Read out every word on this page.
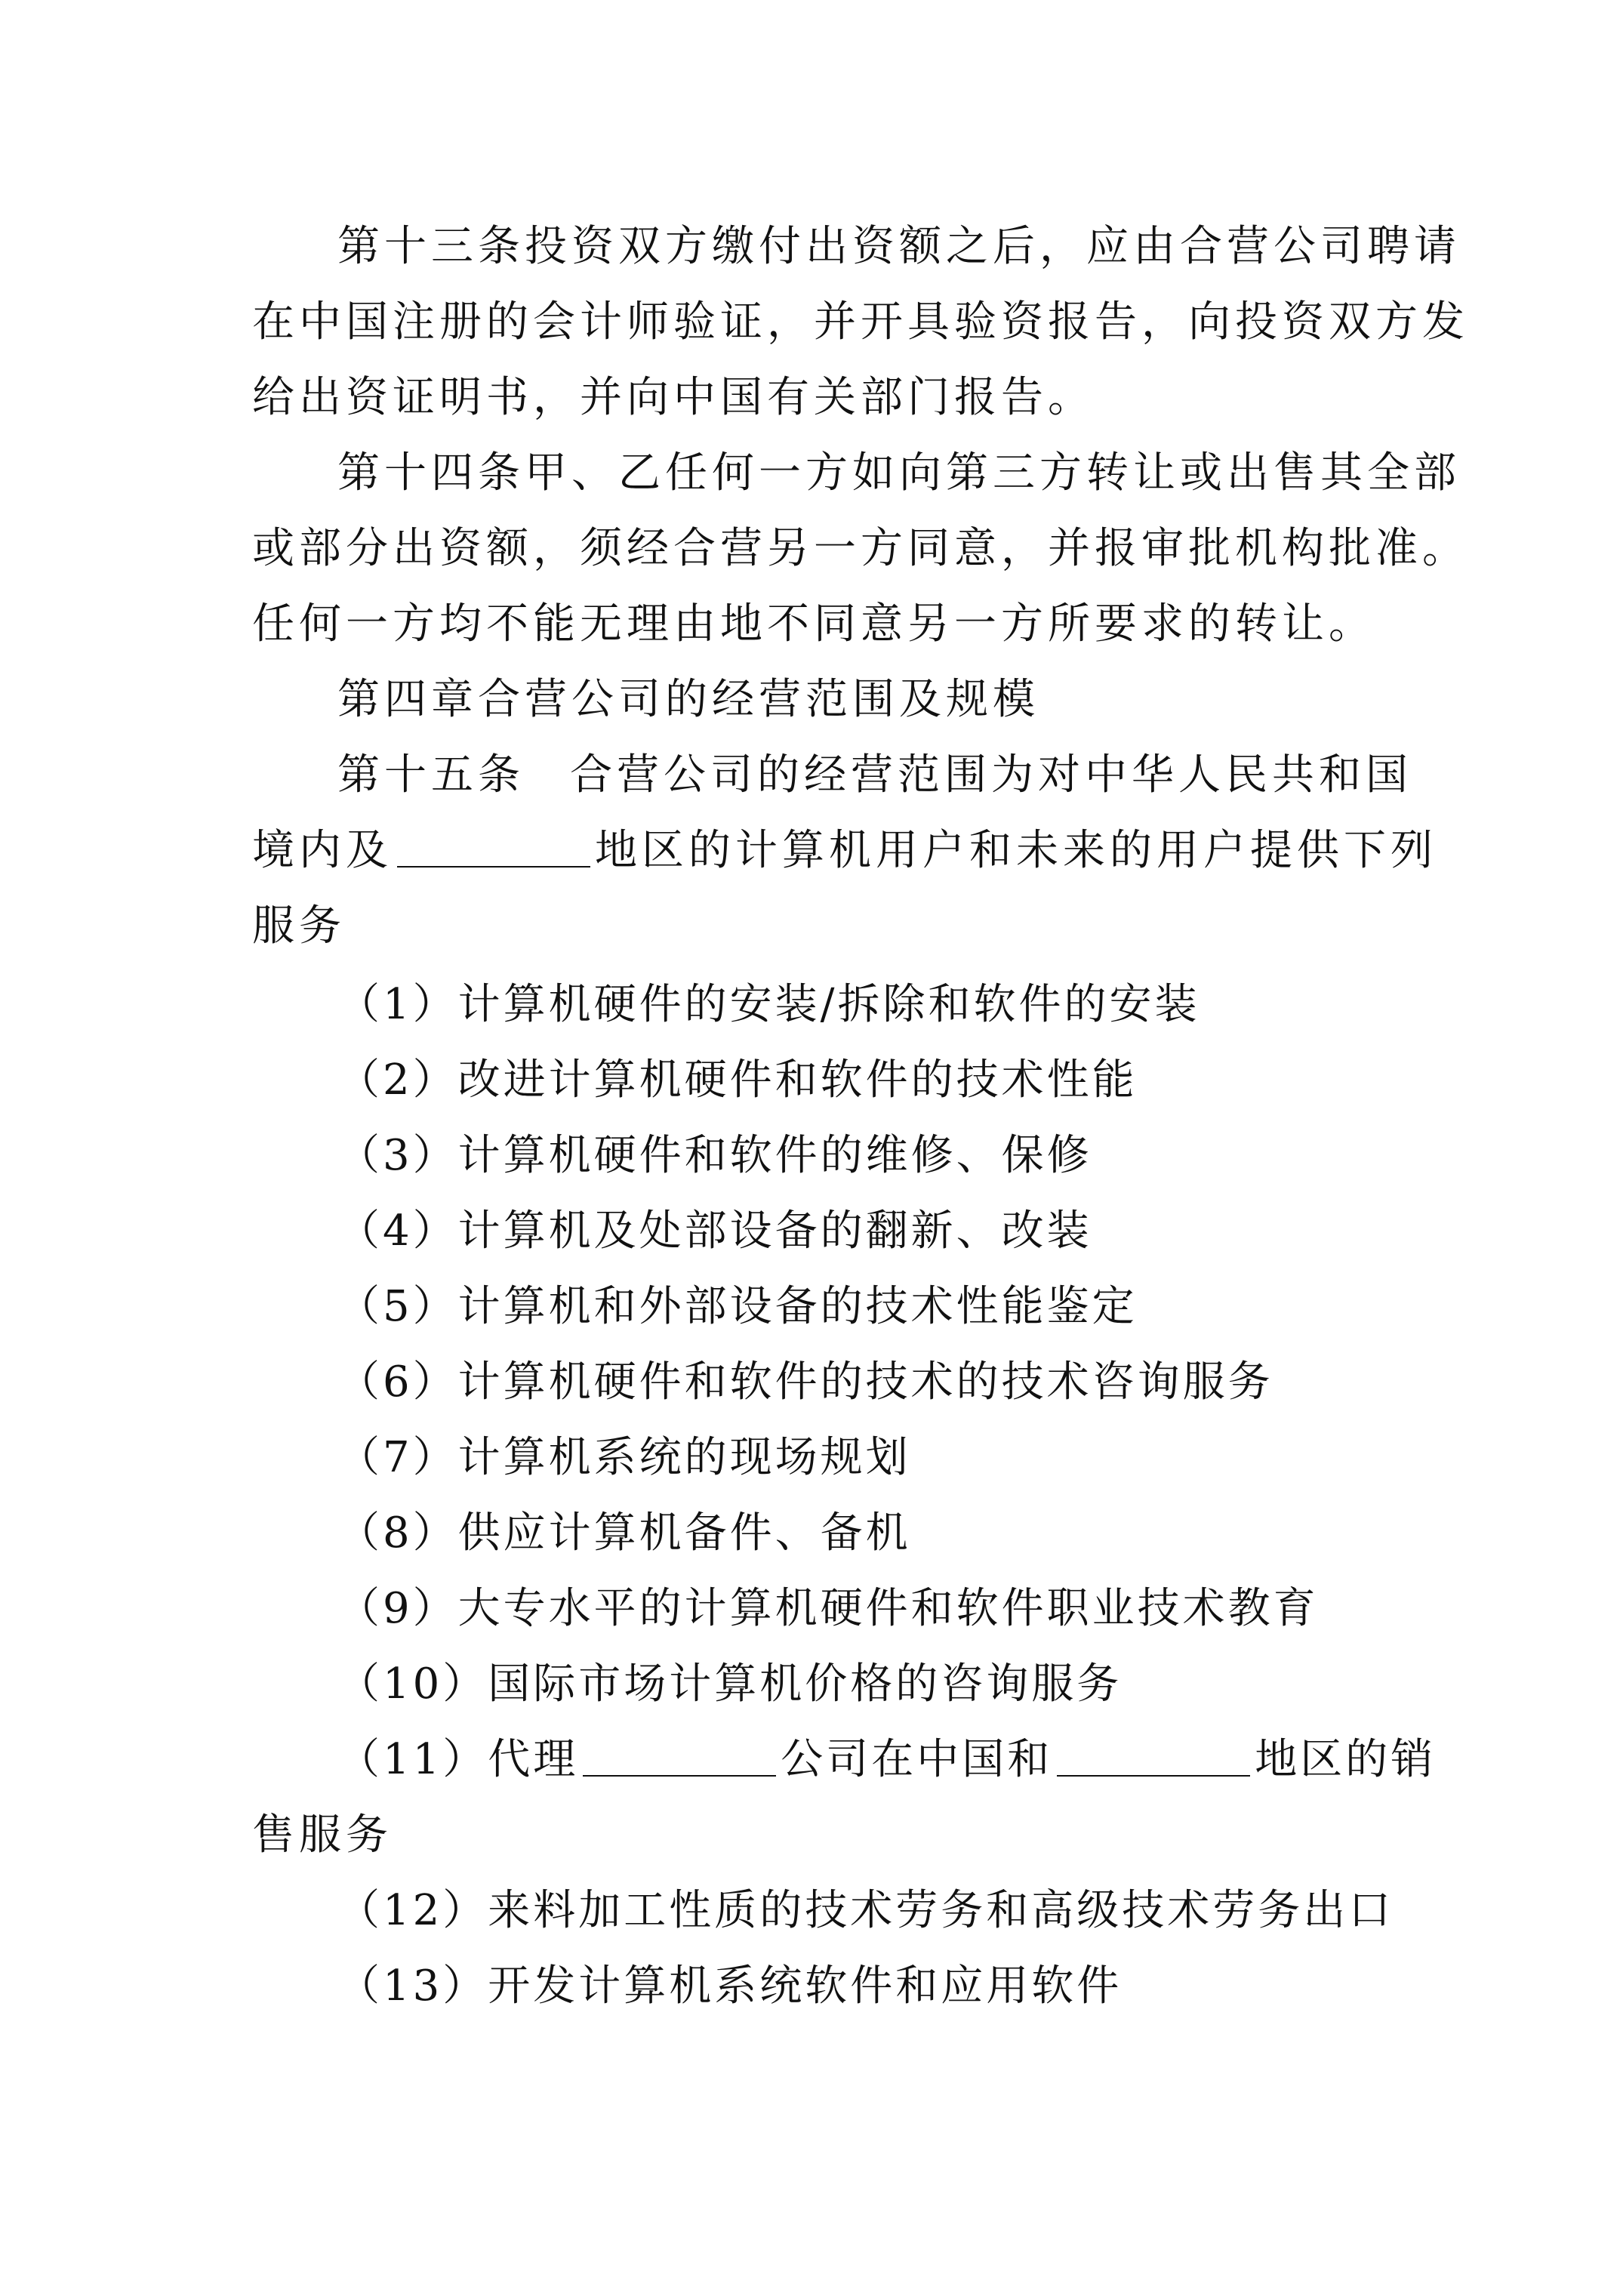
第十三条投资双方缴付出资额之后，应由合营公司聘请
在中国注册的会计师验证，并开具验资报告，向投资双方发
给出资证明书，并向中国有关部门报告。
第十四条甲、乙任何一方如向第三方转让或出售其全部
或部分出资额，须经合营另一方同意，并报审批机构批准。
任何一方均不能无理由地不同意另一方所要求的转让。
第四章合营公司的经营范围及规模
第十五条 合营公司的经营范围为对中华人民共和国
境内及	地区的计算机用户和未来的用户提供下列
服务
（1）计算机硬件的安装/拆除和软件的安装
（2）改进计算机硬件和软件的技术性能
（3）计算机硬件和软件的维修、保修
（4）计算机及处部设备的翻新、改装
（5）计算机和外部设备的技术性能鉴定
（6）计算机硬件和软件的技术的技术咨询服务
（7）计算机系统的现场规划
（8）供应计算机备件、备机
（9）大专水平的计算机硬件和软件职业技术教育
（10）国际市场计算机价格的咨询服务
（11）代理	公司在中国和	地区的销
售服务
（12）来料加工性质的技术劳务和高级技术劳务出口
（13）开发计算机系统软件和应用软件
